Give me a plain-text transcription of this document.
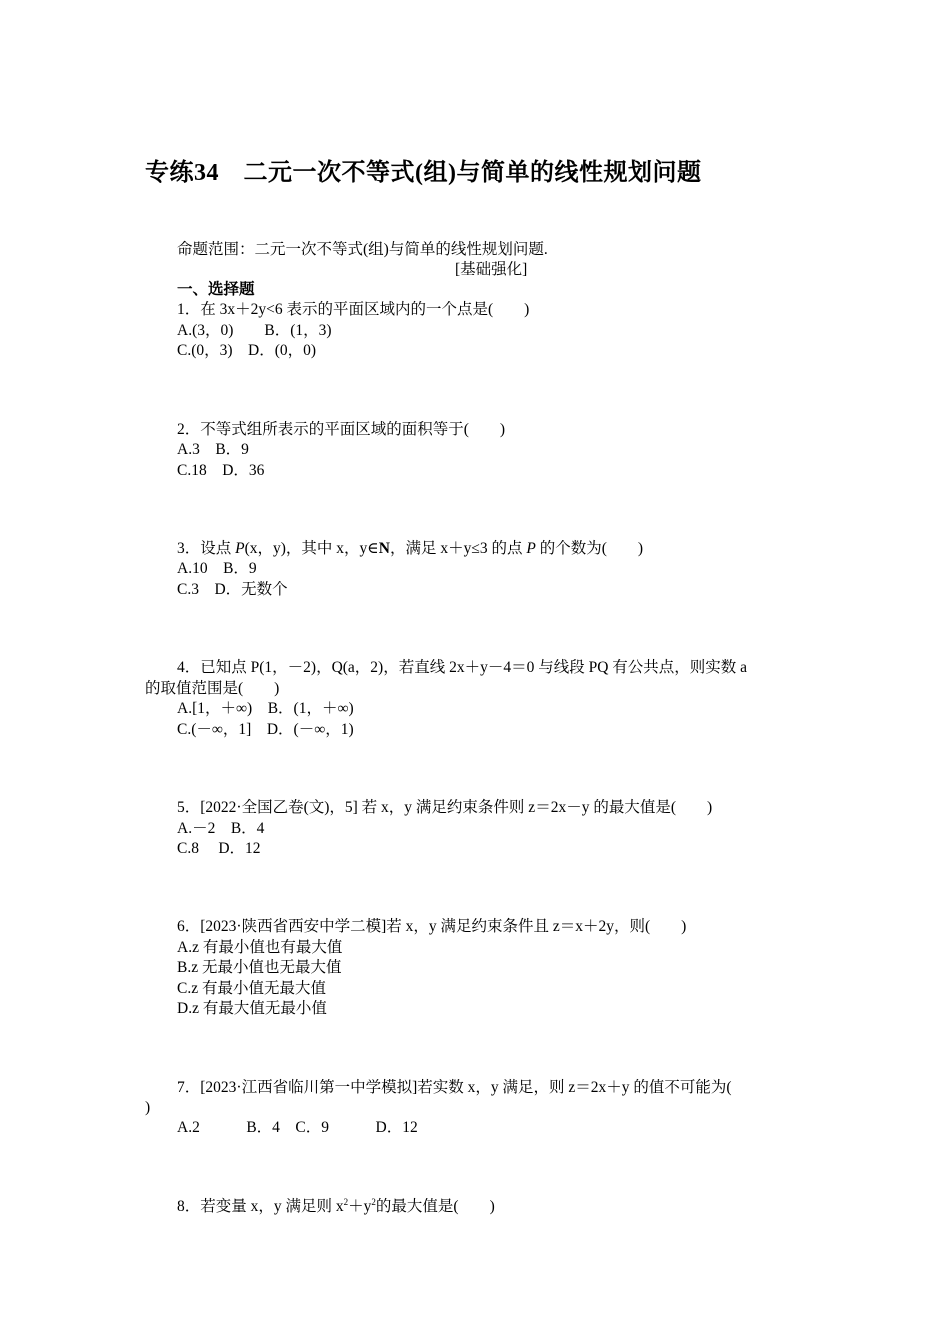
专练34　二元一次不等式(组)与简单的线性规划问题
命题范围：二元一次不等式(组)与简单的线性规划问题.
[基础强化]
一、选择题
1．在 3x＋2y<6 表示的平面区域内的一个点是(　　)
A.(3，0)　　B．(1，3)
C.(0，3)　D．(0，0)
2．不等式组所表示的平面区域的面积等于(　　)
A.3　B．9
C.18　D．36
3．设点 P(x，y)，其中 x，y∈N，满足 x＋y≤3 的点 P 的个数为(　　)
A.10　B．9
C.3　D．无数个
4．已知点 P(1，－2)，Q(a，2)，若直线 2x＋y－4＝0 与线段 PQ 有公共点，则实数 a
的取值范围是(　　)
A.[1，＋∞)　B．(1，＋∞)
C.(－∞，1]　D．(－∞，1)
5．[2022·全国乙卷(文)，5] 若 x，y 满足约束条件则 z＝2x－y 的最大值是(　　)
A.－2　B．4
C.8　 D．12
6．[2023·陕西省西安中学二模]若 x，y 满足约束条件且 z＝x＋2y，则(　　)
A.z 有最小值也有最大值
B.z 无最小值也无最大值
C.z 有最小值无最大值
D.z 有最大值无最小值
7．[2023·江西省临川第一中学模拟]若实数 x，y 满足，则 z＝2x＋y 的值不可能为(
)
A.2　　　B．4　C．9　　　D．12
8．若变量 x，y 满足则 $x^2+y^2$的最大值是(　　)
